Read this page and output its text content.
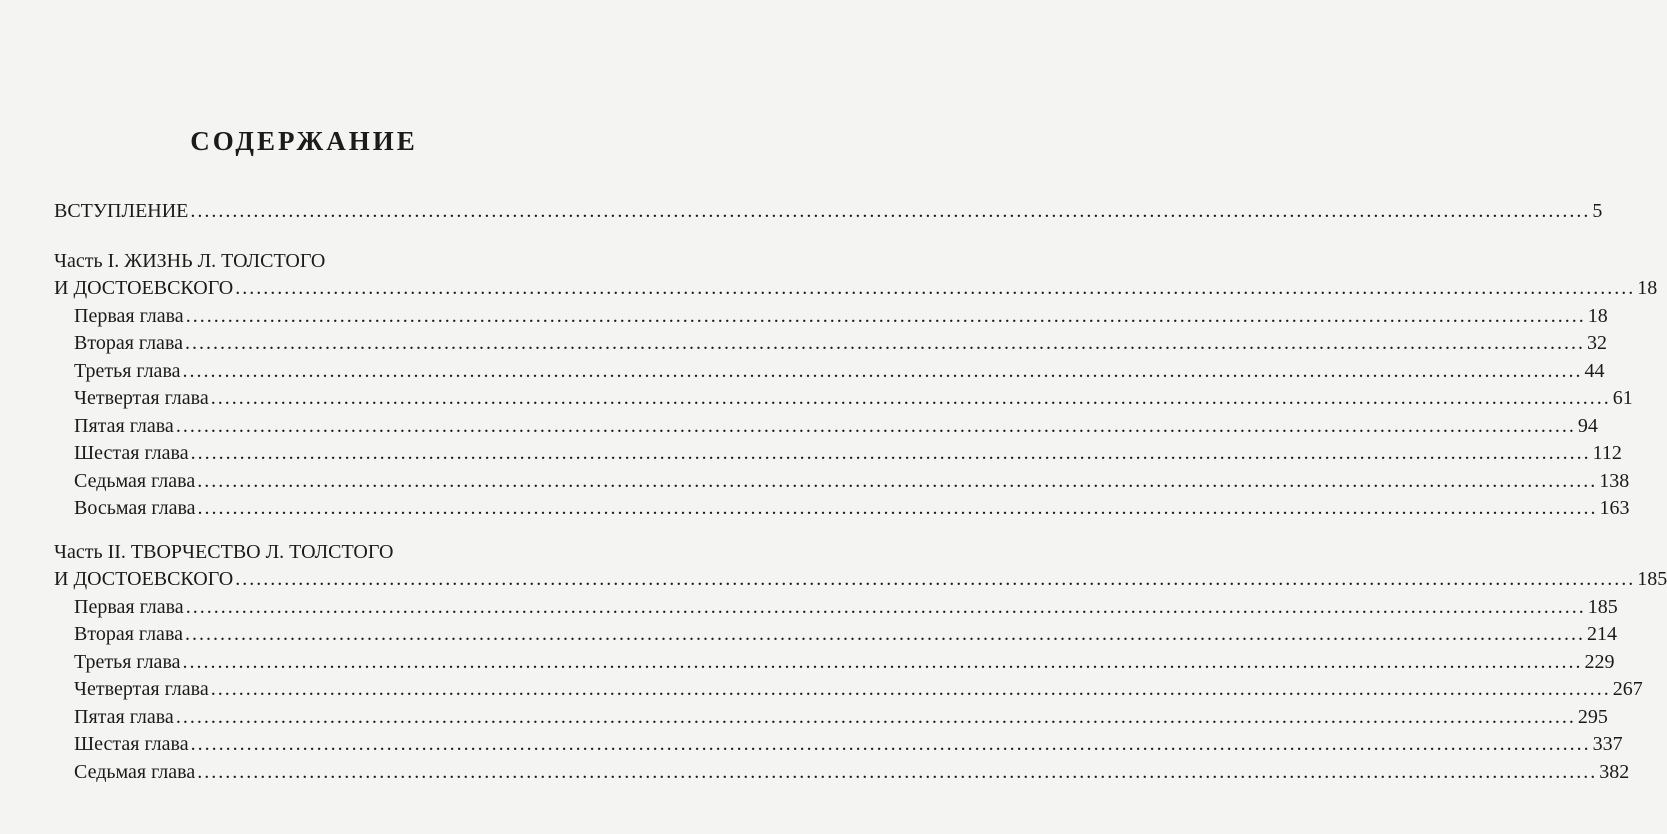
СОДЕРЖАНИЕ
ВСТУПЛЕНИЕ ........................................................................................................................................................................................................ 5
Часть I. ЖИЗНЬ Л. ТОЛСТОГО
И ДОСТОЕВСКОГО ........................................................................................................................................................................................................ 18
Первая глава ........................................................................................................................................................................................................ 18
Вторая глава ........................................................................................................................................................................................................ 32
Третья глава ........................................................................................................................................................................................................ 44
Четвертая глава ........................................................................................................................................................................................................ 61
Пятая глава ........................................................................................................................................................................................................ 94
Шестая глава ........................................................................................................................................................................................................ 112
Седьмая глава ........................................................................................................................................................................................................ 138
Восьмая глава ........................................................................................................................................................................................................ 163
Часть II. ТВОРЧЕСТВО Л. ТОЛСТОГО
И ДОСТОЕВСКОГО ........................................................................................................................................................................................................ 185
Первая глава ........................................................................................................................................................................................................ 185
Вторая глава ........................................................................................................................................................................................................ 214
Третья глава ........................................................................................................................................................................................................ 229
Четвертая глава ........................................................................................................................................................................................................ 267
Пятая глава ........................................................................................................................................................................................................ 295
Шестая глава ........................................................................................................................................................................................................ 337
Седьмая глава ........................................................................................................................................................................................................ 382
